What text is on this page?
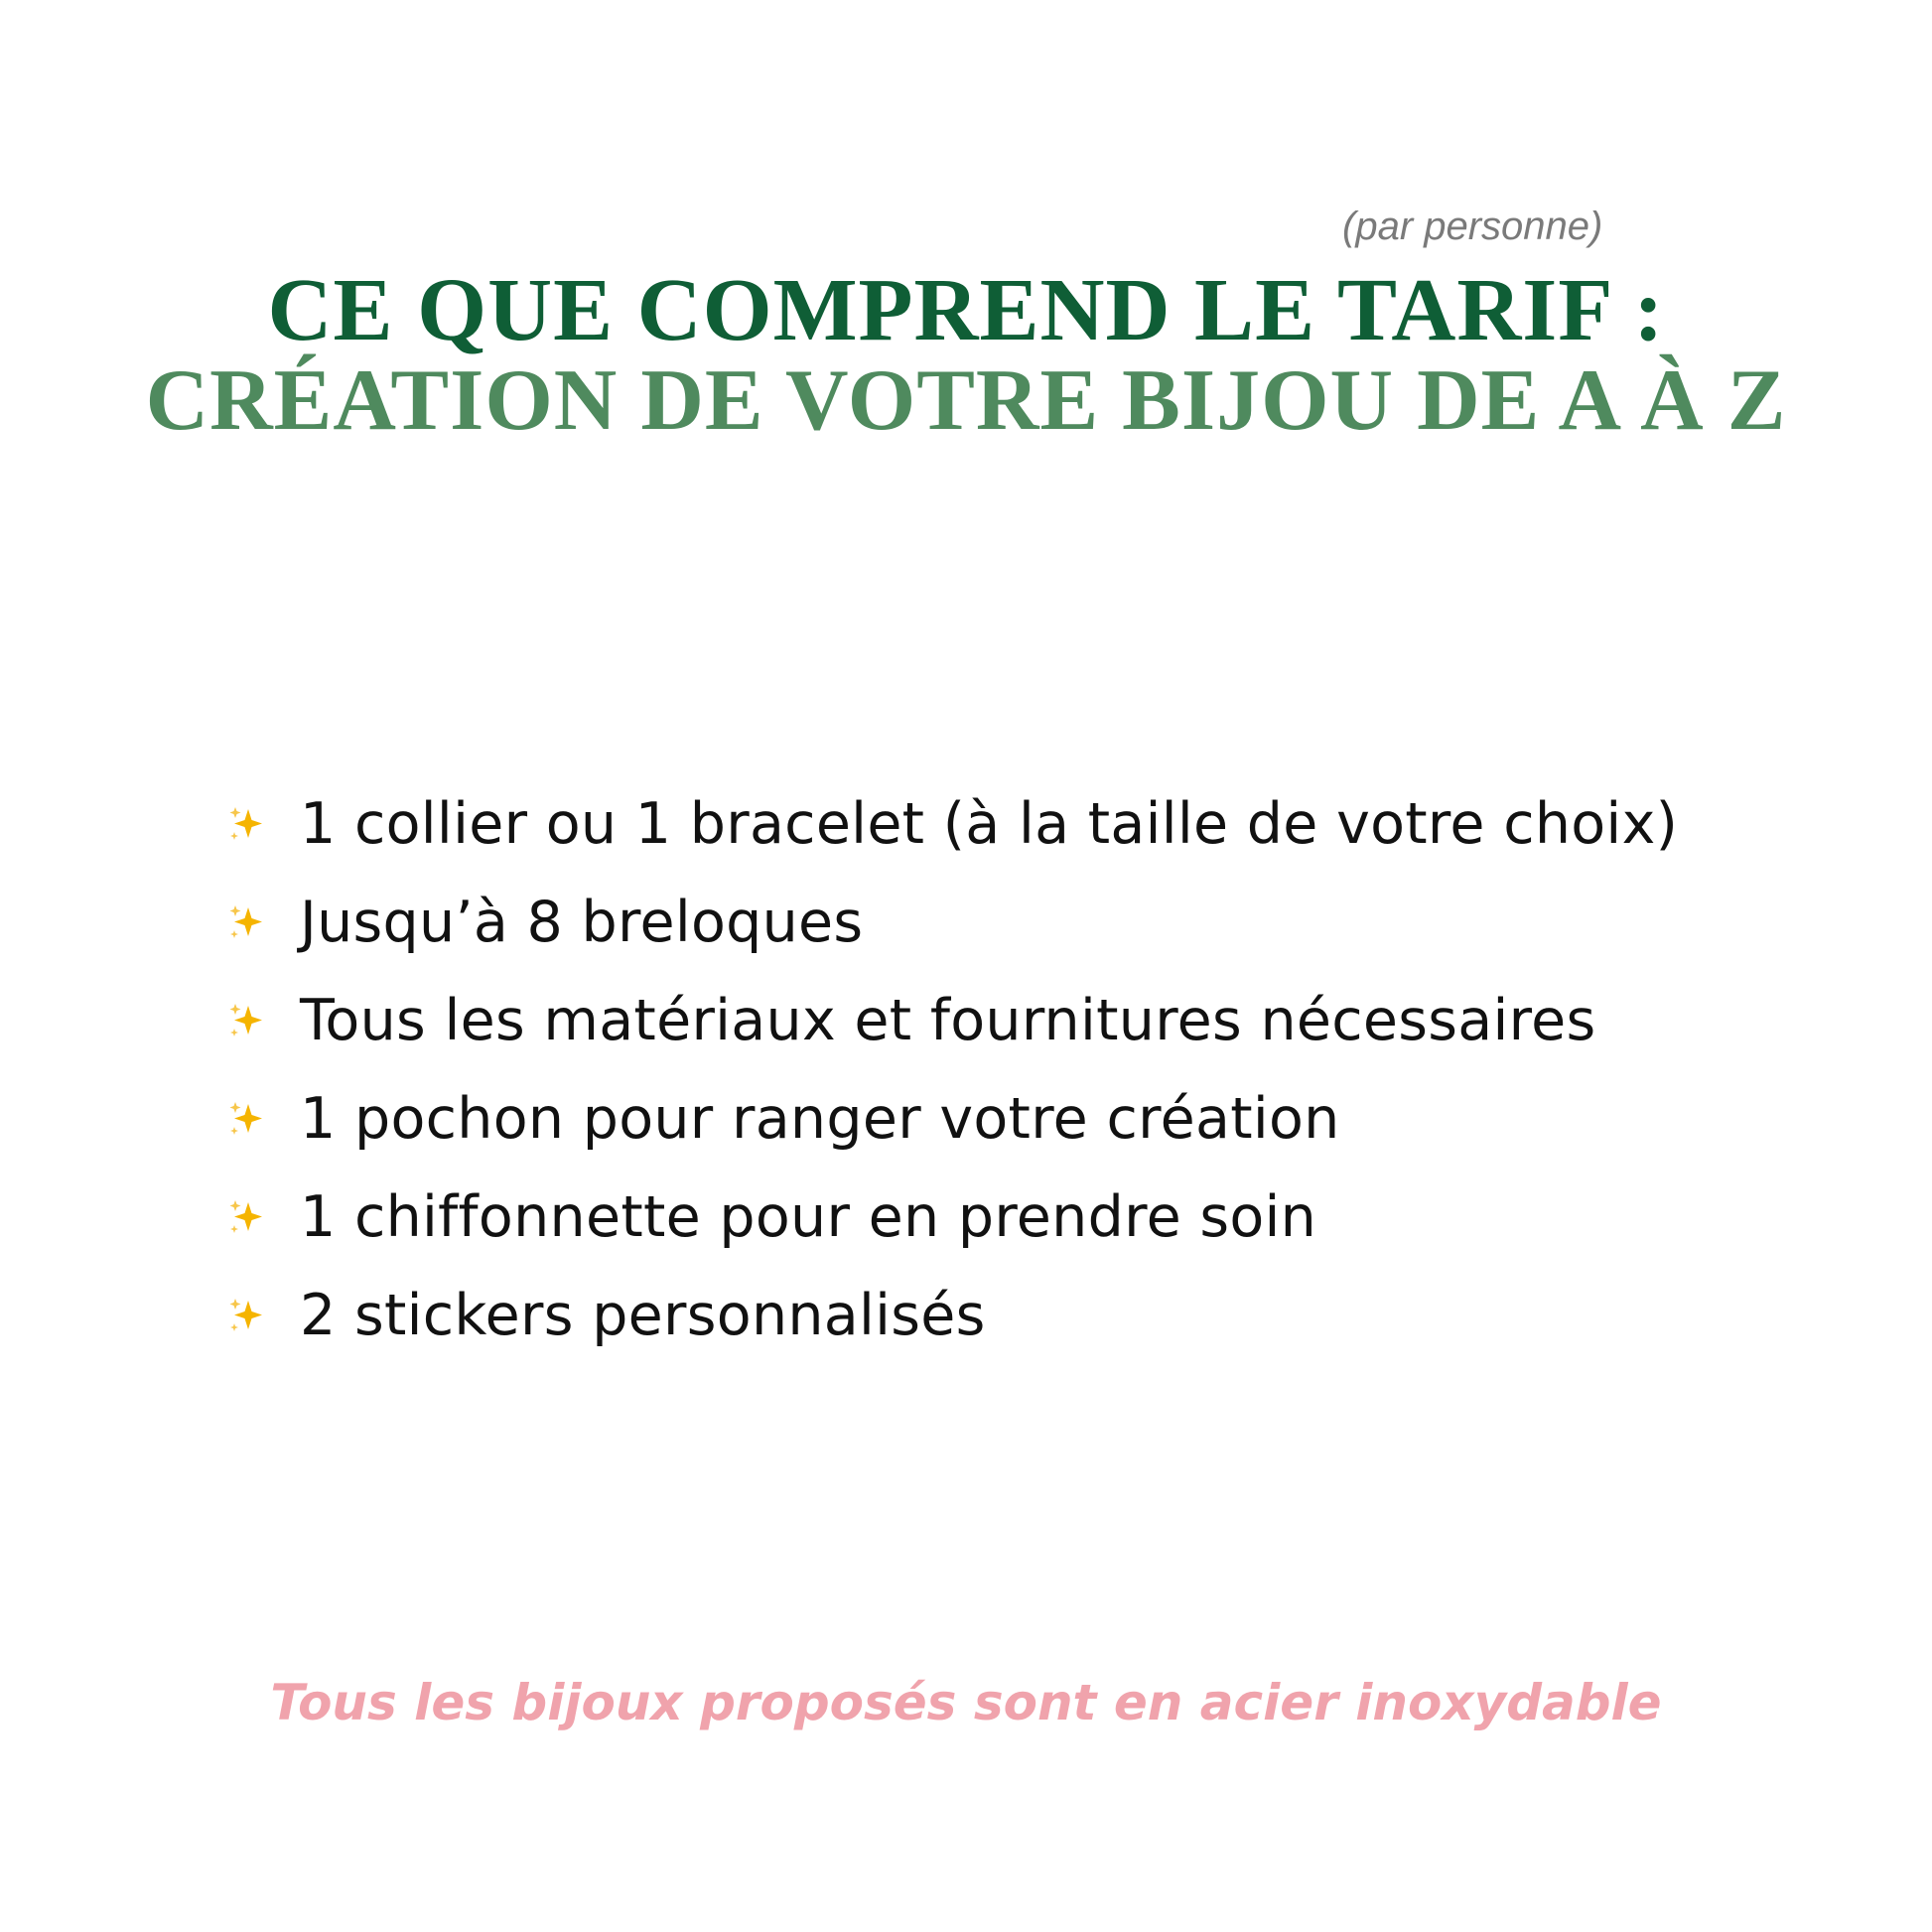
(par personne)
CE QUE COMPREND LE TARIF :
CRÉATION DE VOTRE BIJOU DE A À Z
1 collier ou 1 bracelet (à la taille de votre choix)
Jusqu’à 8 breloques
Tous les matériaux et fournitures nécessaires
1 pochon pour ranger votre création
1 chiffonnette pour en prendre soin
2 stickers personnalisés
Tous les bijoux proposés sont en acier inoxydable
